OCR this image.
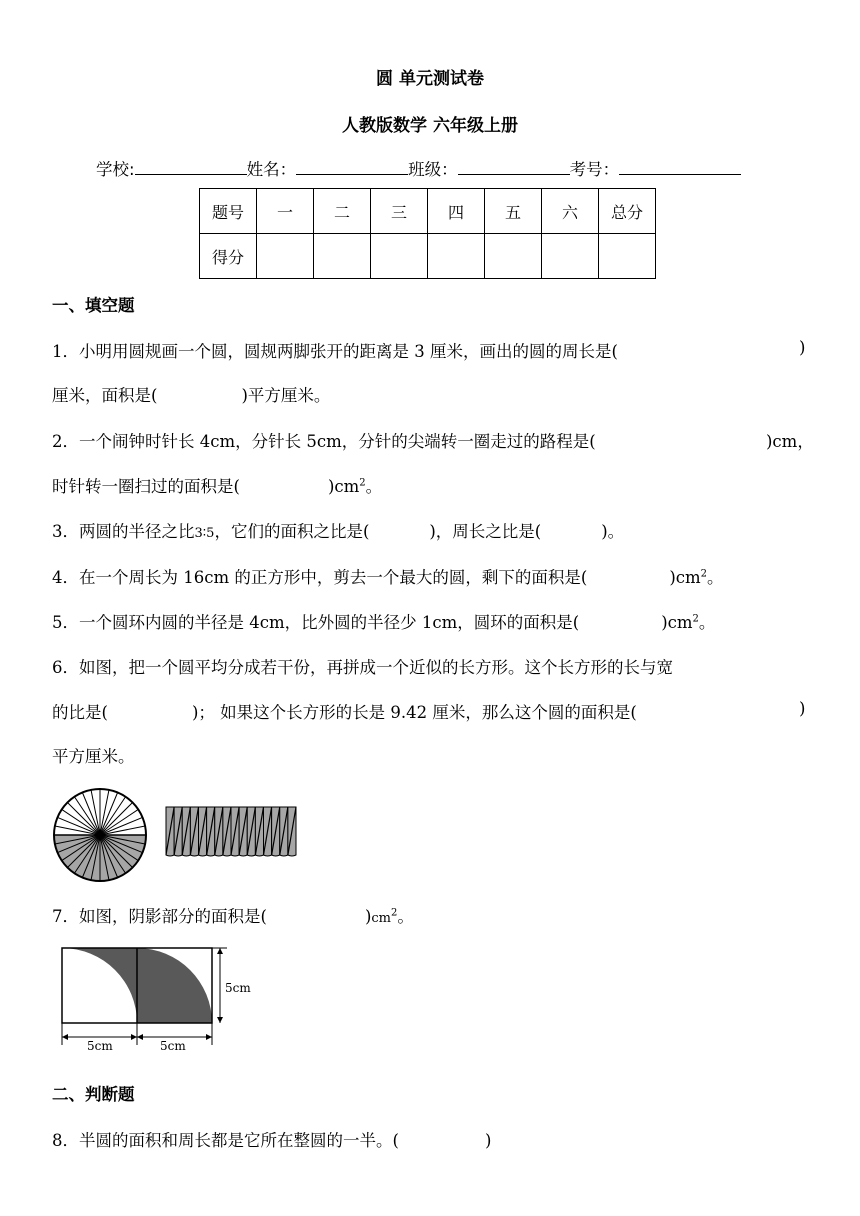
圆 单元测试卷
人教版数学 六年级上册
学校:	姓名：	班级：	考号：
题号	一	二	三	四	五	六	总分
得分							
一、填空题
1．小明用圆规画一个圆，圆规两脚张开的距离是 3 厘米，画出的圆的周长是(	)
厘米，面积是(	)平方厘米。
2．一个闹钟时针长 4cm，分针长 5cm，分针的尖端转一圈走过的路程是(	)cm，
时针转一圈扫过的面积是(	)$cm^2$。
3．两圆的半径之比3∶5，它们的面积之比是(	)，周长之比是(	)。
4．在一个周长为 16cm 的正方形中，剪去一个最大的圆，剩下的面积是(	)$cm^2$。
5．一个圆环内圆的半径是 4cm，比外圆的半径少 1cm，圆环的面积是(	)$cm^2$。
6．如图，把一个圆平均分成若干份，再拼成一个近似的长方形。这个长方形的长与宽
的比是(	)； 如果这个长方形的长是 9.42 厘米，那么这个圆的面积是(	)
平方厘米。
7．如图，阴影部分的面积是(	)$cm^2$。
5cm
5cm	5cm
二、判断题
8．半圆的面积和周长都是它所在整圆的一半。(	)
